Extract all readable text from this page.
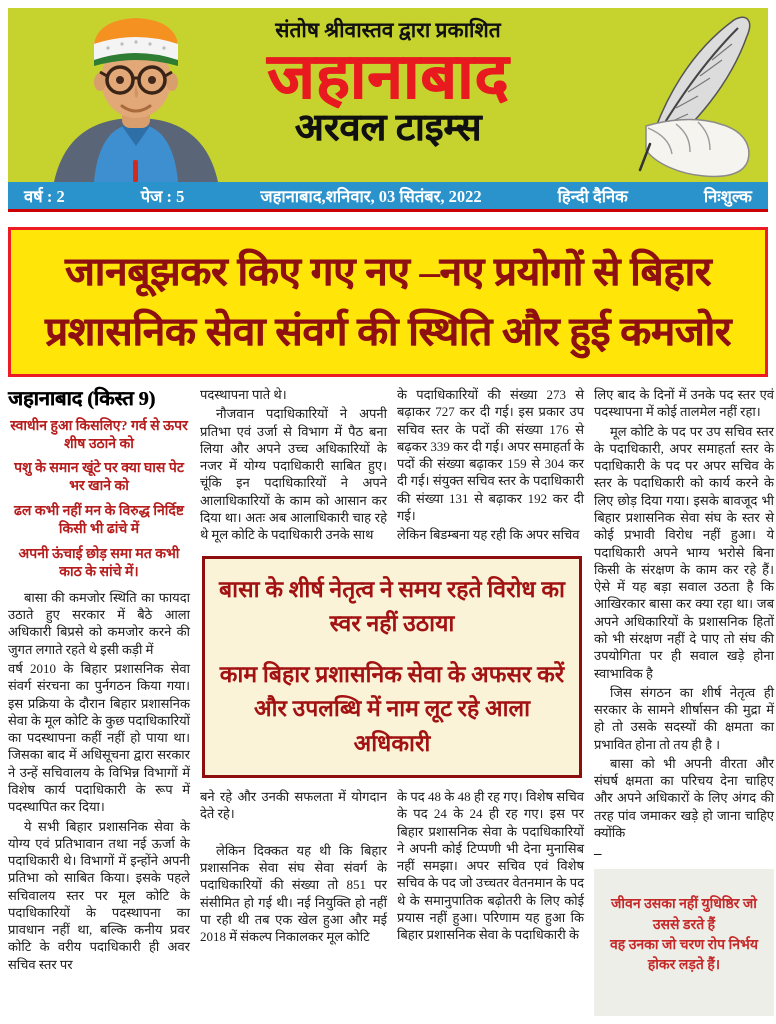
संतोष श्रीवास्तव द्वारा प्रकाशित
जहानाबाद
अरवल टाइम्स
वर्ष : 2	पेज : 5	जहानाबाद,शनिवार, 03 सितंबर, 2022	हिन्दी दैनिक	निःशुल्क
जानबूझकर किए गए नए –नए प्रयोगों से बिहार
प्रशासनिक सेवा संवर्ग की स्थिति और हुई कमजोर
जहानाबाद (किस्त 9)
स्वाधीन हुआ किसलिए? गर्व से ऊपर शीष उठाने को
पशु के समान खूंटे पर क्या घास पेट भर खाने को
ढल कभी नहीं मन के विरुद्ध निर्दिष्ट किसी भी ढांचे में
अपनी ऊंचाई छोड़ समा मत कभी काठ के सांचे में।
बासा की कमजोर स्थिति का फायदा उठाते हुए सरकार में बैठे आला अधिकारी बिप्रसे को कमजोर करने की जुगत लगाते रहते थे इसी कड़ी में
वर्ष 2010 के बिहार प्रशासनिक सेवा संवर्ग संरचना का पुर्नगठन किया गया। इस प्रक्रिया के दौरान बिहार प्रशासनिक सेवा के मूल कोटि के कुछ पदाधिकारियों का पदस्थापना कहीं नहीं हो पाया था। जिसका बाद में अधिसूचना द्वारा सरकार ने उन्हें सचिवालय के विभिन्न विभागों में विशेष कार्य पदाधिकारी के रूप में पदस्थापित कर दिया।
ये सभी बिहार प्रशासनिक सेवा के योग्य एवं प्रतिभावान तथा नई ऊर्जा के पदाधिकारी थे। विभागों में इन्होंने अपनी प्रतिभा को साबित किया। इसके पहले सचिवालय स्तर पर मूल कोटि के पदाधिकारियों के पदस्थापना का प्रावधान नहीं था, बल्कि कनीय प्रवर कोटि के वरीय पदाधिकारी ही अवर सचिव स्तर पर
पदस्थापना पाते थे।
नौजवान पदाधिकारियों ने अपनी प्रतिभा एवं उर्जा से विभाग में पैठ बना लिया और अपने उच्च अधिकारियों के नजर में योग्य पदाधिकारी साबित हुए। चूंकि इन पदाधिकारियों ने अपने आलाधिकारियों के काम को आसान कर दिया था। अतः अब आलाधिकारी चाह रहे थे मूल कोटि के पदाधिकारी उनके साथ
के पदाधिकारियों की संख्या 273 से बढ़ाकर 727 कर दी गई। इस प्रकार उप सचिव स्तर के पदों की संख्या 176 से बढ़कर 339 कर दी गई। अपर समाहर्ता के पदों की संख्या बढ़ाकर 159 से 304 कर दी गई। संयुक्त सचिव स्तर के पदाधिकारी की संख्या 131 से बढ़ाकर 192 कर दी गई।
लेकिन बिडम्बना यह रही कि अपर सचिव
बासा के शीर्ष नेतृत्व ने समय रहते विरोध का स्वर नहीं उठाया
काम बिहार प्रशासनिक सेवा के अफसर करें और उपलब्धि में नाम लूट रहे आला अधिकारी
बने रहे और उनकी सफलता में योगदान देते रहे।

लेकिन दिक्कत यह थी कि बिहार प्रशासनिक सेवा संघ सेवा संवर्ग के पदाधिकारियों की संख्या तो 851 पर संसीमित हो गई थी। नई नियुक्ति हो नहीं पा रही थी तब एक खेल हुआ और मई 2018 में संकल्प निकालकर मूल कोटि
के पद 48 के 48 ही रह गए। विशेष सचिव के पद 24 के 24 ही रह गए। इस पर बिहार प्रशासनिक सेवा के पदाधिकारियों ने अपनी कोई टिप्पणी भी देना मुनासिब नहीं समझा। अपर सचिव एवं विशेष सचिव के पद जो उच्चतर वेतनमान के पद थे के समानुपातिक बढ़ोतरी के लिए कोई प्रयास नहीं हुआ। परिणाम यह हुआ कि बिहार प्रशासनिक सेवा के पदाधिकारी के
लिए बाद के दिनों में उनके पद स्तर एवं पदस्थापना में कोई तालमेल नहीं रहा।
मूल कोटि के पद पर उप सचिव स्तर के पदाधिकारी, अपर समाहर्ता स्तर के पदाधिकारी के पद पर अपर सचिव के स्तर के पदाधिकारी को कार्य करने के लिए छोड़ दिया गया। इसके बावजूद भी बिहार प्रशासनिक सेवा संघ के स्तर से कोई प्रभावी विरोध नहीं हुआ। ये पदाधिकारी अपने भाग्य भरोसे बिना किसी के संरक्षण के काम कर रहे हैं। ऐसे में यह बड़ा सवाल उठता है कि आखिरकार बासा कर क्या रहा था। जब अपने अधिकारियों के प्रशासनिक हितों को भी संरक्षण नहीं दे पाए तो संघ की उपयोगिता पर ही सवाल खड़े होना स्वाभाविक है
जिस संगठन का शीर्ष नेतृत्व ही सरकार के सामने शीर्षासन की मुद्रा में हो तो उसके सदस्यों की क्षमता का प्रभावित होना तो तय ही है ।
बासा को भी अपनी वीरता और संघर्ष क्षमता का परिचय देना चाहिए और अपने अधिकारों के लिए अंगद की तरह पांव जमाकर खड़े हो जाना चाहिए क्योंकि
–
जीवन उसका नहीं युधिष्ठिर जो
उससे डरते हैं
वह उनका जो चरण रोप निर्भय
होकर लड़ते हैं।
